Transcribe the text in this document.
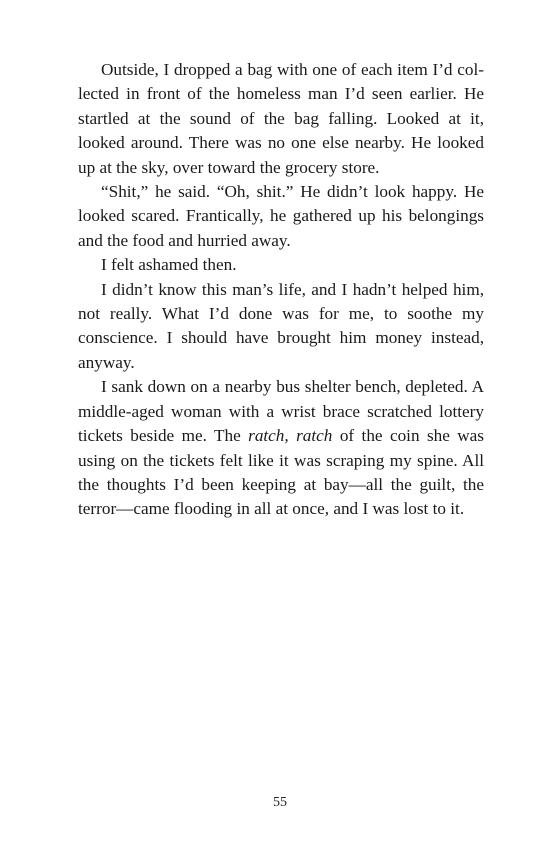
Outside, I dropped a bag with one of each item I’d collected in front of the homeless man I’d seen earlier. He startled at the sound of the bag falling. Looked at it, looked around. There was no one else nearby. He looked up at the sky, over toward the grocery store.

“Shit,” he said. “Oh, shit.” He didn’t look happy. He looked scared. Frantically, he gathered up his belongings and the food and hurried away.

I felt ashamed then.

I didn’t know this man’s life, and I hadn’t helped him, not really. What I’d done was for me, to soothe my conscience. I should have brought him money instead, anyway.

I sank down on a nearby bus shelter bench, depleted. A middle-aged woman with a wrist brace scratched lottery tickets beside me. The ratch, ratch of the coin she was using on the tickets felt like it was scraping my spine. All the thoughts I’d been keeping at bay—all the guilt, the terror—came flooding in all at once, and I was lost to it.

55
